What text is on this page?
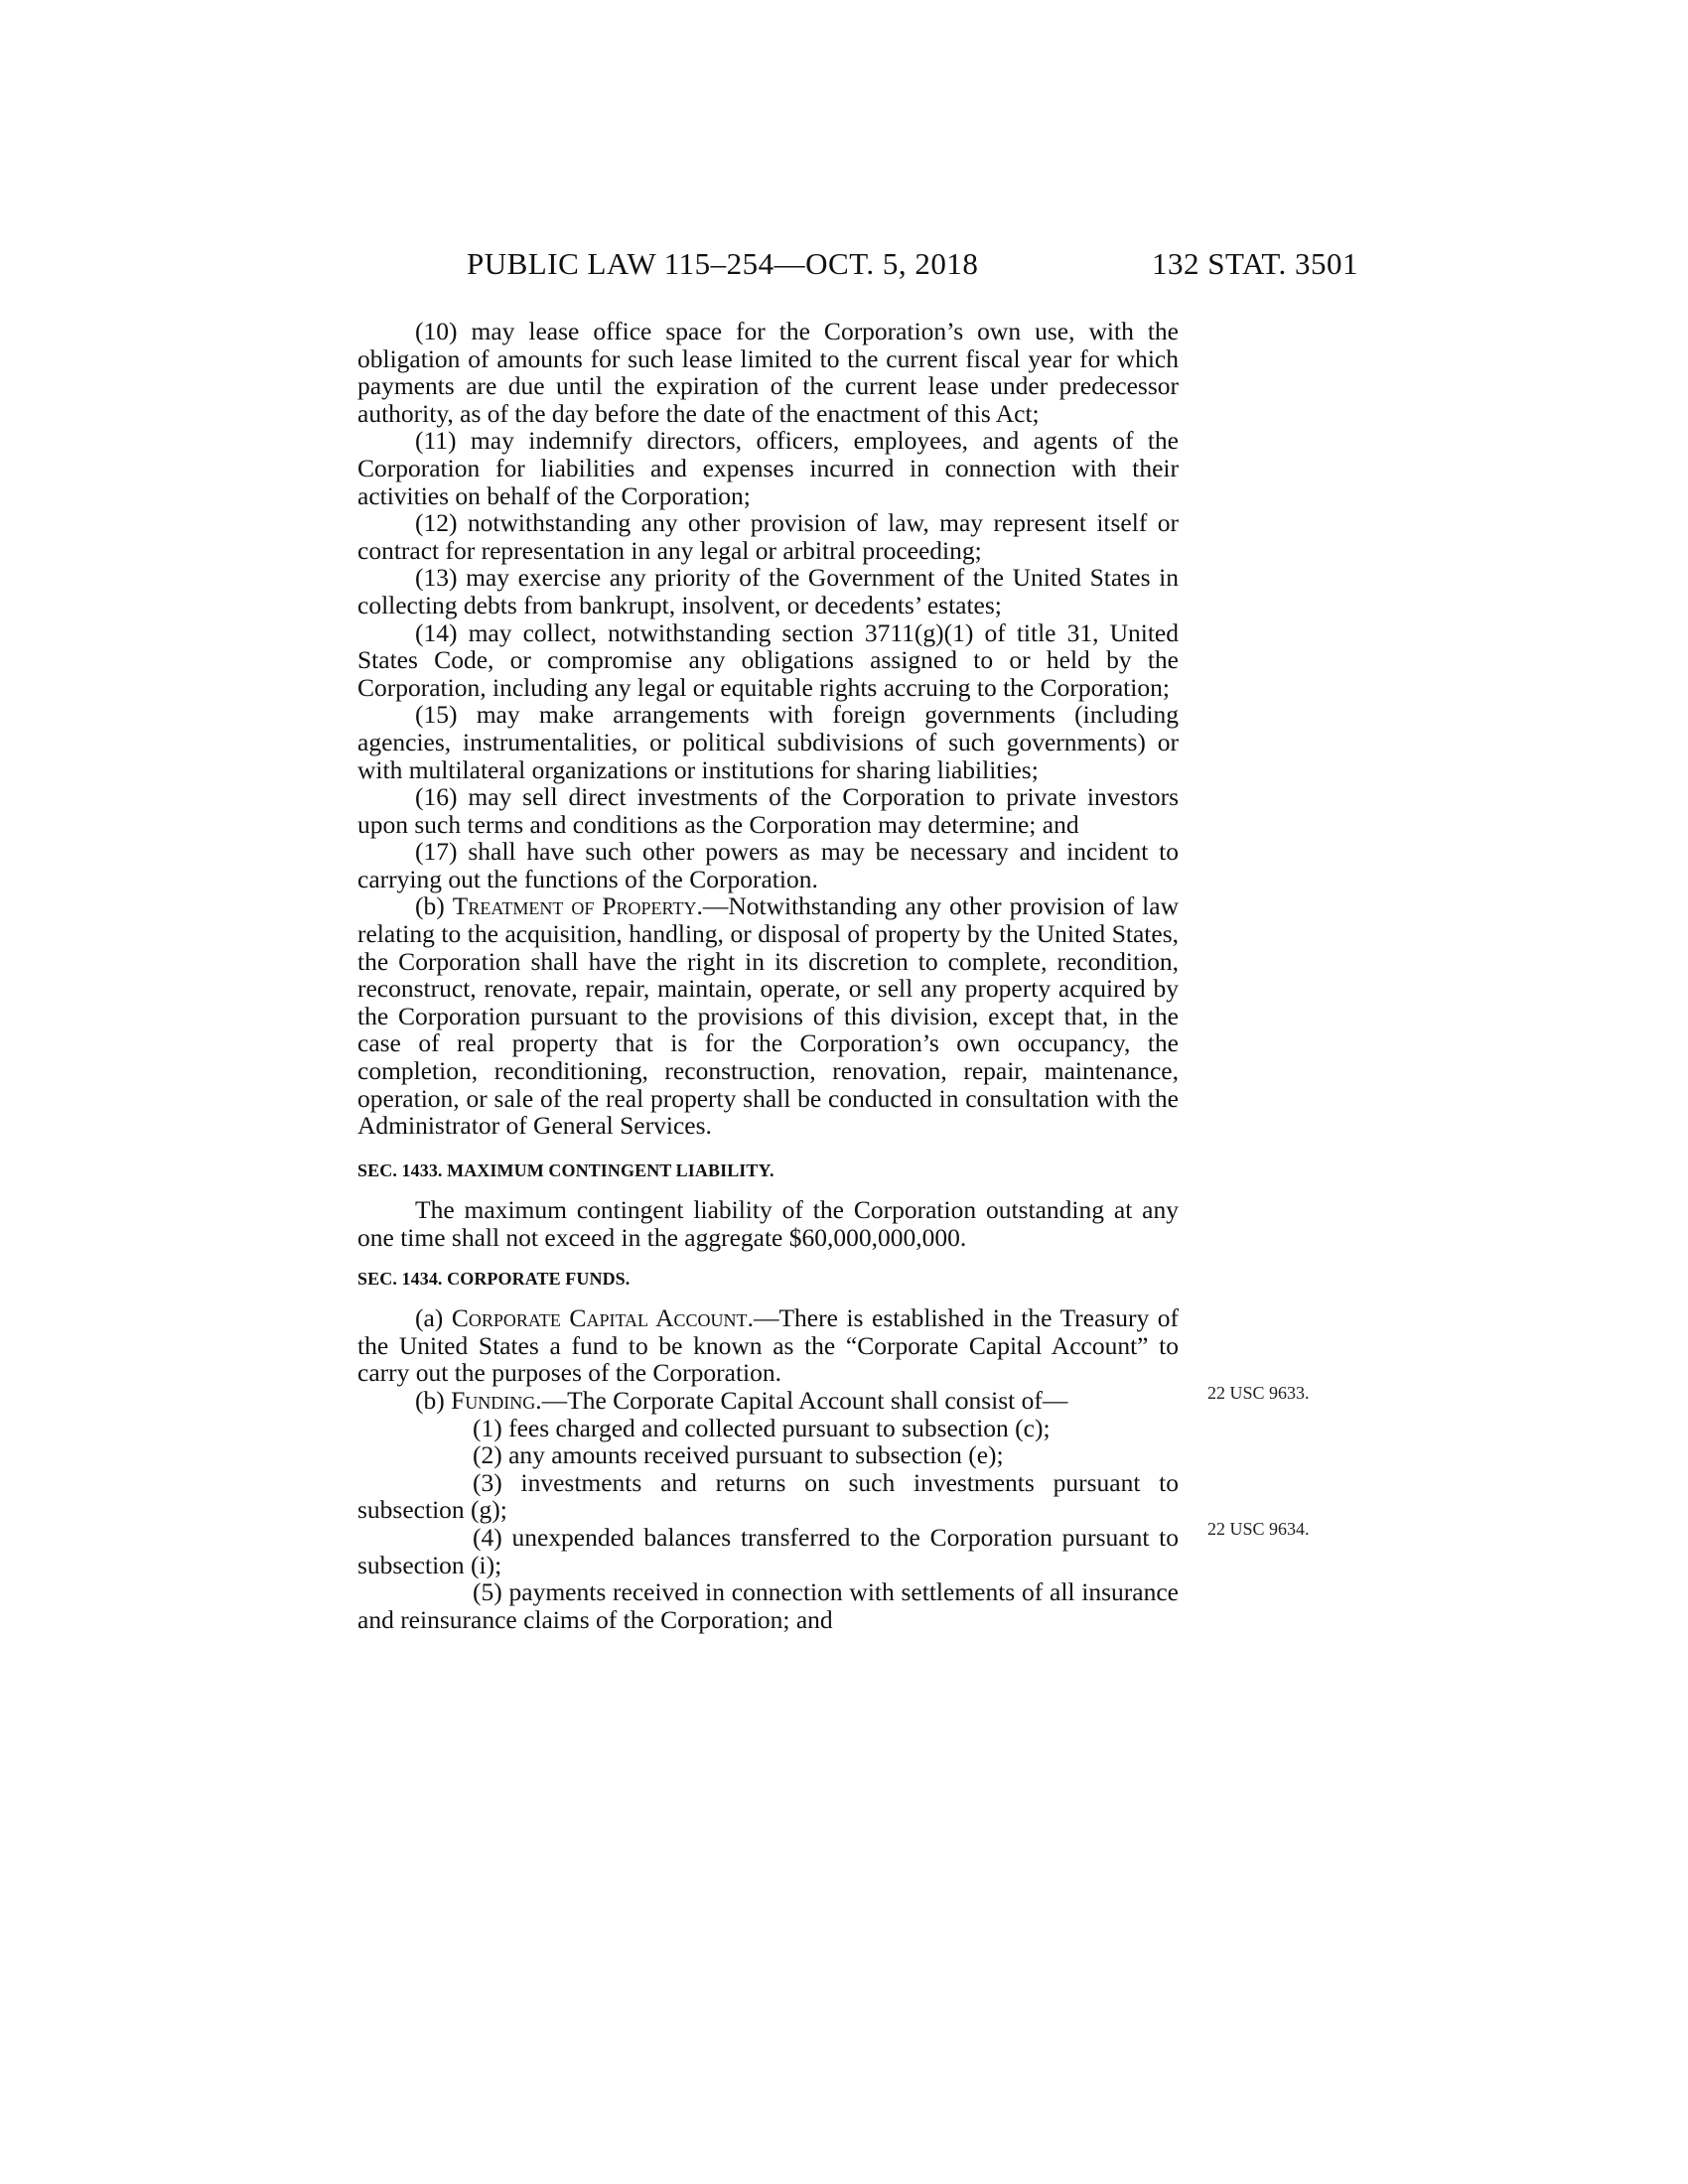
PUBLIC LAW 115–254—OCT. 5, 2018	132 STAT. 3501

(10) may lease office space for the Corporation’s own use, with the obligation of amounts for such lease limited to the current fiscal year for which payments are due until the expiration of the current lease under predecessor authority, as of the day before the date of the enactment of this Act;

(11) may indemnify directors, officers, employees, and agents of the Corporation for liabilities and expenses incurred in connection with their activities on behalf of the Corporation;

(12) notwithstanding any other provision of law, may represent itself or contract for representation in any legal or arbitral proceeding;

(13) may exercise any priority of the Government of the United States in collecting debts from bankrupt, insolvent, or decedents’ estates;

(14) may collect, notwithstanding section 3711(g)(1) of title 31, United States Code, or compromise any obligations assigned to or held by the Corporation, including any legal or equitable rights accruing to the Corporation;

(15) may make arrangements with foreign governments (including agencies, instrumentalities, or political subdivisions of such governments) or with multilateral organizations or institutions for sharing liabilities;

(16) may sell direct investments of the Corporation to private investors upon such terms and conditions as the Corporation may determine; and

(17) shall have such other powers as may be necessary and incident to carrying out the functions of the Corporation.

(b) Treatment of Property.—Notwithstanding any other provision of law relating to the acquisition, handling, or disposal of property by the United States, the Corporation shall have the right in its discretion to complete, recondition, reconstruct, renovate, repair, maintain, operate, or sell any property acquired by the Corporation pursuant to the provisions of this division, except that, in the case of real property that is for the Corporation’s own occupancy, the completion, reconditioning, reconstruction, renovation, repair, maintenance, operation, or sale of the real property shall be conducted in consultation with the Administrator of General Services.

SEC. 1433. MAXIMUM CONTINGENT LIABILITY.

The maximum contingent liability of the Corporation outstanding at any one time shall not exceed in the aggregate $60,000,000,000.

SEC. 1434. CORPORATE FUNDS.

(a) Corporate Capital Account.—There is established in the Treasury of the United States a fund to be known as the “Corporate Capital Account” to carry out the purposes of the Corporation.

(b) Funding.—The Corporate Capital Account shall consist of—

(1) fees charged and collected pursuant to subsection (c);

(2) any amounts received pursuant to subsection (e);

(3) investments and returns on such investments pursuant to subsection (g);

(4) unexpended balances transferred to the Corporation pursuant to subsection (i);

(5) payments received in connection with settlements of all insurance and reinsurance claims of the Corporation; and

22 USC 9633.
22 USC 9634.
